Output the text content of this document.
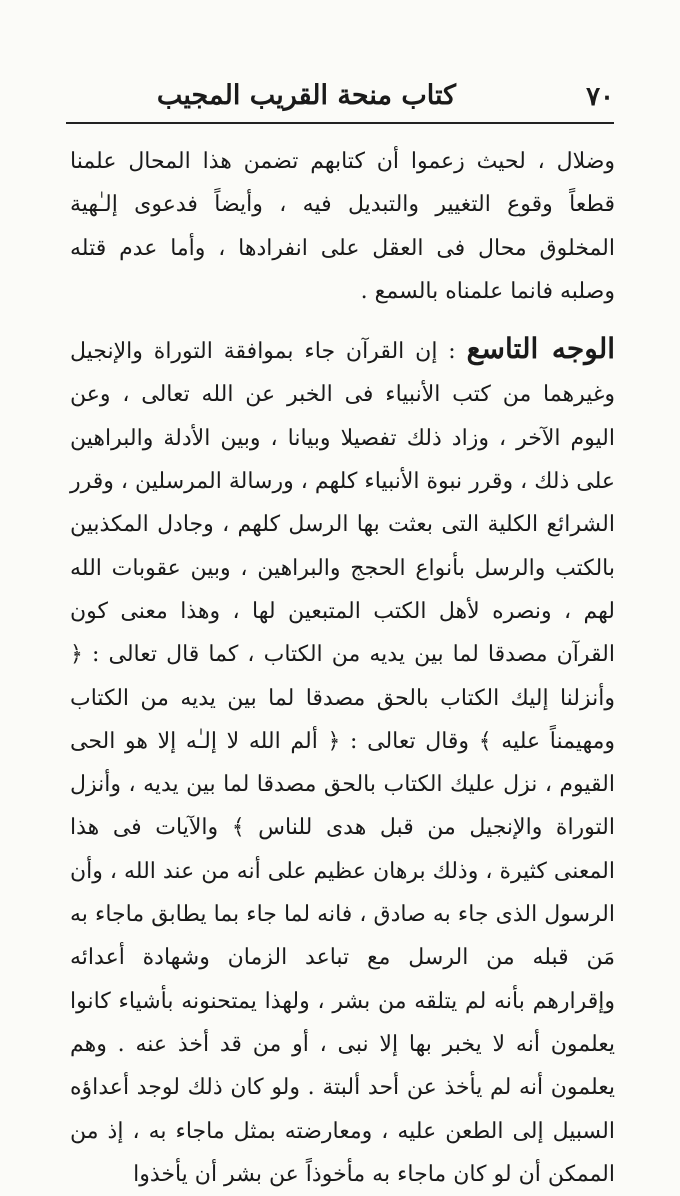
كتاب منحة القريب المجيب	٧٠

وضلال ، لحيث زعموا أن كتابهم تضمن هذا المحال علمنا قطعاً وقوع التغيير والتبديل فيه ، وأيضاً فدعوى إلـٰهية المخلوق محال فى العقل على انفرادها ، وأما عدم قتله وصلبه فانما علمناه بالسمع .

الوجه التاسع : إن القرآن جاء بموافقة التوراة والإنجيل وغيرهما من كتب الأنبياء فى الخبر عن الله تعالى ، وعن اليوم الآخر ، وزاد ذلك تفصيلا وبيانا ، وبين الأدلة والبراهين على ذلك ، وقرر نبوة الأنبياء كلهم ، ورسالة المرسلين ، وقرر الشرائع الكلية التى بعثت بها الرسل كلهم ، وجادل المكذبين بالكتب والرسل بأنواع الحجج والبراهين ، وبين عقوبات الله لهم ، ونصره لأهل الكتب المتبعين لها ، وهذا معنى كون القرآن مصدقا لما بين يديه من الكتاب ، كما قال تعالى : ﴿ وأنزلنا إليك الكتاب بالحق مصدقا لما بين يديه من الكتاب ومهيمناً عليه ﴾ وقال تعالى : ﴿ ألم الله لا إلـٰه إلا هو الحى القيوم ، نزل عليك الكتاب بالحق مصدقا لما بين يديه ، وأنزل التوراة والإنجيل من قبل هدى للناس ﴾ والآيات فى هذا المعنى كثيرة ، وذلك برهان عظيم على أنه من عند الله ، وأن الرسول الذى جاء به صادق ، فانه لما جاء بما يطابق ماجاء به مَن قبله من الرسل مع تباعد الزمان وشهادة أعدائه وإقرارهم بأنه لم يتلقه من بشر ، ولهذا يمتحنونه بأشياء كانوا يعلمون أنه لا يخبر بها إلا نبى ، أو من قد أخذ عنه . وهم يعلمون أنه لم يأخذ عن أحد ألبتة . ولو كان ذلك لوجد أعداؤه السبيل إلى الطعن عليه ، ومعارضته بمثل ماجاء به ، إذ من الممكن أن لو كان ماجاء به مأخوذاً عن بشر أن يأخذوا
